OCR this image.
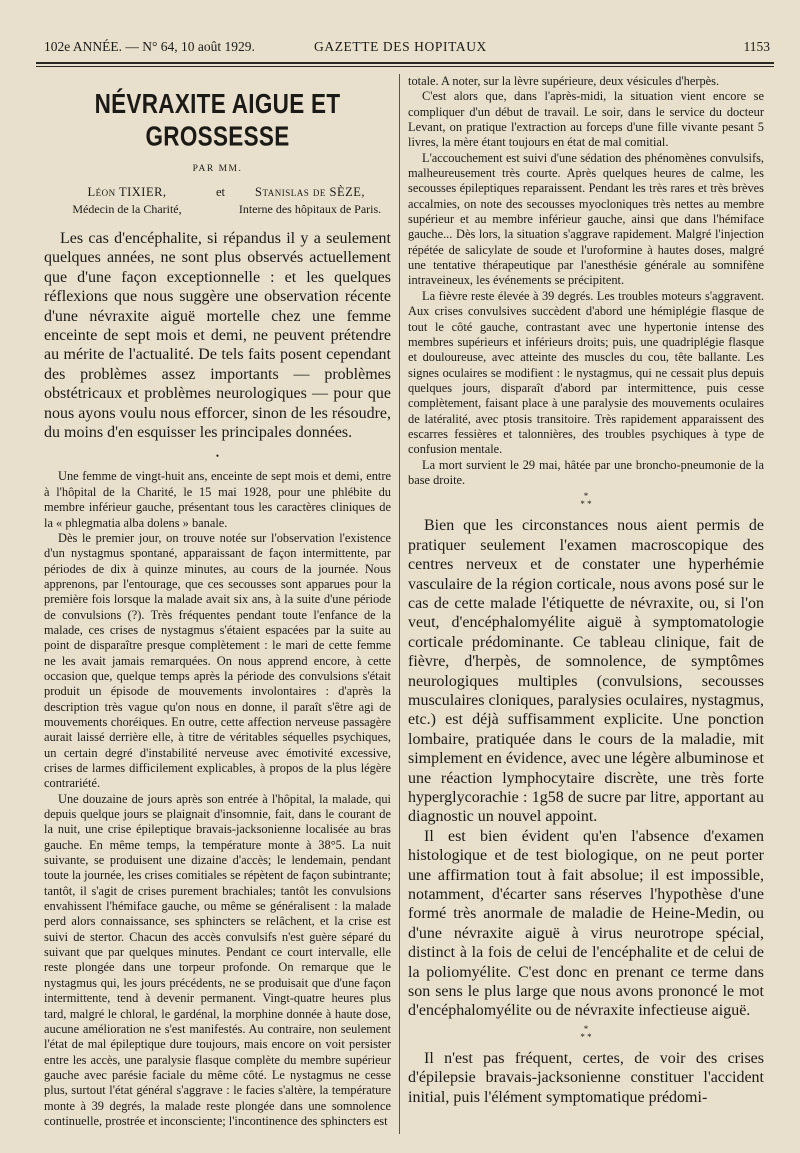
102e ANNÉE. — N° 64, 10 août 1929.	GAZETTE DES HOPITAUX	1153
NÉVRAXITE AIGUE ET GROSSESSE
PAR MM.
Léon TIXIER,
Médecin de la Charité,
et	Stanislas de SÈZE,
Interne des hôpitaux de Paris.

Les cas d'encéphalite, si répandus il y a seulement quelques années, ne sont plus observés actuellement que d'une façon exceptionnelle : et les quelques réflexions que nous suggère une observation récente d'une névraxite aiguë mortelle chez une femme enceinte de sept mois et demi, ne peuvent prétendre au mérite de l'actualité. De tels faits posent cependant des problèmes assez importants — problèmes obstétricaux et problèmes neurologiques — pour que nous ayons voulu nous efforcer, sinon de les résoudre, du moins d'en esquisser les principales données.

•

Une femme de vingt-huit ans, enceinte de sept mois et demi, entre à l'hôpital de la Charité, le 15 mai 1928, pour une phlébite du membre inférieur gauche, présentant tous les caractères cliniques de la « phlegmatia alba dolens » banale.

Dès le premier jour, on trouve notée sur l'observation l'existence d'un nystagmus spontané, apparaissant de façon intermittente, par périodes de dix à quinze minutes, au cours de la journée. Nous apprenons, par l'entourage, que ces secousses sont apparues pour la première fois lorsque la malade avait six ans, à la suite d'une période de convulsions (?). Très fréquentes pendant toute l'enfance de la malade, ces crises de nystagmus s'étaient espacées par la suite au point de disparaître presque complètement : le mari de cette femme ne les avait jamais remarquées. On nous apprend encore, à cette occasion que, quelque temps après la période des convulsions s'était produit un épisode de mouvements involontaires : d'après la description très vague qu'on nous en donne, il paraît s'être agi de mouvements choréiques. En outre, cette affection nerveuse passagère aurait laissé derrière elle, à titre de véritables séquelles psychiques, un certain degré d'instabilité nerveuse avec émotivité excessive, crises de larmes difficilement explicables, à propos de la plus légère contrariété.

Une douzaine de jours après son entrée à l'hôpital, la malade, qui depuis quelque jours se plaignait d'insomnie, fait, dans le courant de la nuit, une crise épileptique bravais-jacksonienne localisée au bras gauche. En même temps, la température monte à 38°5. La nuit suivante, se produisent une dizaine d'accès; le lendemain, pendant toute la journée, les crises comitiales se répètent de façon subintrante; tantôt, il s'agit de crises purement brachiales; tantôt les convulsions envahissent l'hémiface gauche, ou même se généralisent : la malade perd alors connaissance, ses sphincters se relâchent, et la crise est suivi de stertor. Chacun des accès convulsifs n'est guère séparé du suivant que par quelques minutes. Pendant ce court intervalle, elle reste plongée dans une torpeur profonde. On remarque que le nystagmus qui, les jours précédents, ne se produisait que d'une façon intermittente, tend à devenir permanent. Vingt-quatre heures plus tard, malgré le chloral, le gardénal, la morphine donnée à haute dose, aucune amélioration ne s'est manifestés. Au contraire, non seulement l'état de mal épileptique dure toujours, mais encore on voit persister entre les accès, une paralysie flasque complète du membre supérieur gauche avec parésie faciale du même côté. Le nystagmus ne cesse plus, surtout l'état général s'aggrave : le facies s'altère, la température monte à 39 degrés, la malade reste plongée dans une somnolence continuelle, prostrée et inconsciente; l'incontinence des sphincters est

totale. A noter, sur la lèvre supérieure, deux vésicules d'herpès.

C'est alors que, dans l'après-midi, la situation vient encore se compliquer d'un début de travail. Le soir, dans le service du docteur Levant, on pratique l'extraction au forceps d'une fille vivante pesant 5 livres, la mère étant toujours en état de mal comitial.

L'accouchement est suivi d'une sédation des phénomènes convulsifs, malheureusement très courte. Après quelques heures de calme, les secousses épileptiques reparaissent. Pendant les très rares et très brèves accalmies, on note des secousses myocloniques très nettes au membre supérieur et au membre inférieur gauche, ainsi que dans l'hémiface gauche... Dès lors, la situation s'aggrave rapidement. Malgré l'injection répétée de salicylate de soude et l'uroformine à hautes doses, malgré une tentative thérapeutique par l'anesthésie générale au somnifène intraveineux, les événements se précipitent.

La fièvre reste élevée à 39 degrés. Les troubles moteurs s'aggravent. Aux crises convulsives succèdent d'abord une hémiplégie flasque de tout le côté gauche, contrastant avec une hypertonie intense des membres supérieurs et inférieurs droits; puis, une quadriplégie flasque et douloureuse, avec atteinte des muscles du cou, tête ballante. Les signes oculaires se modifient : le nystagmus, qui ne cessait plus depuis quelques jours, disparaît d'abord par intermittence, puis cesse complètement, faisant place à une paralysie des mouvements oculaires de latéralité, avec ptosis transitoire. Très rapidement apparaissent des escarres fessières et talonnières, des troubles psychiques à type de confusion mentale.

La mort survient le 29 mai, hâtée par une broncho-pneumonie de la base droite.

*
* *

Bien que les circonstances nous aient permis de pratiquer seulement l'examen macroscopique des centres nerveux et de constater une hyperhémie vasculaire de la région corticale, nous avons posé sur le cas de cette malade l'étiquette de névraxite, ou, si l'on veut, d'encéphalomyélite aiguë à symptomatologie corticale prédominante. Ce tableau clinique, fait de fièvre, d'herpès, de somnolence, de symptômes neurologiques multiples (convulsions, secousses musculaires cloniques, paralysies oculaires, nystagmus, etc.) est déjà suffisamment explicite. Une ponction lombaire, pratiquée dans le cours de la maladie, mit simplement en évidence, avec une légère albuminose et une réaction lymphocytaire discrète, une très forte hyperglycorachie : 1g58 de sucre par litre, apportant au diagnostic un nouvel appoint.

Il est bien évident qu'en l'absence d'examen histologique et de test biologique, on ne peut porter une affirmation tout à fait absolue; il est impossible, notamment, d'écarter sans réserves l'hypothèse d'une formé très anormale de maladie de Heine-Medin, ou d'une névraxite aiguë à virus neurotrope spécial, distinct à la fois de celui de l'encéphalite et de celui de la poliomyélite. C'est donc en prenant ce terme dans son sens le plus large que nous avons prononcé le mot d'encéphalomyélite ou de névraxite infectieuse aiguë.

*
* *

Il n'est pas fréquent, certes, de voir des crises d'épilepsie bravais-jacksonienne constituer l'accident initial, puis l'élément symptomatique prédomi-
